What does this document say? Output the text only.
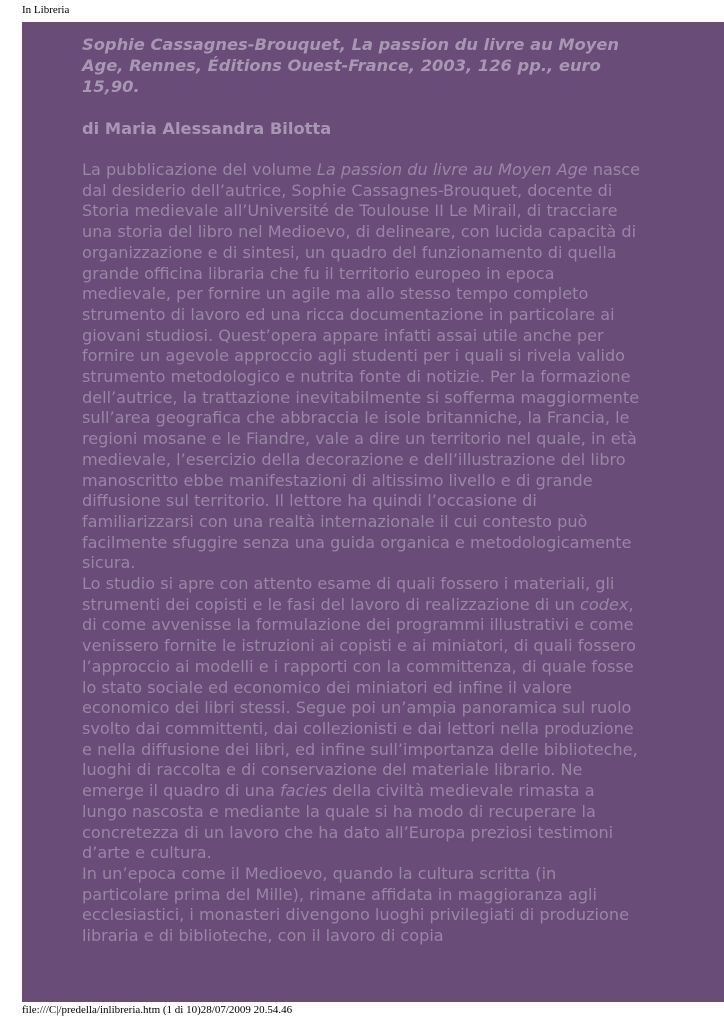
In Libreria
Sophie Cassagnes-Brouquet, La passion du livre au Moyen Age, Rennes, Éditions Ouest-France, 2003, 126 pp., euro 15,90.
di Maria Alessandra Bilotta

La pubblicazione del volume La passion du livre au Moyen Age nasce dal desiderio dell’autrice, Sophie Cassagnes-Brouquet, docente di Storia medievale all’Université de Toulouse II Le Mirail, di tracciare una storia del libro nel Medioevo, di delineare, con lucida capacità di organizzazione e di sintesi, un quadro del funzionamento di quella grande officina libraria che fu il territorio europeo in epoca medievale, per fornire un agile ma allo stesso tempo completo strumento di lavoro ed una ricca documentazione in particolare ai giovani studiosi. Quest’opera appare infatti assai utile anche per fornire un agevole approccio agli studenti per i quali si rivela valido strumento metodologico e nutrita fonte di notizie. Per la formazione dell’autrice, la trattazione inevitabilmente si sofferma maggiormente sull’area geografica che abbraccia le isole britanniche, la Francia, le regioni mosane e le Fiandre, vale a dire un territorio nel quale, in età medievale, l’esercizio della decorazione e dell’illustrazione del libro manoscritto ebbe manifestazioni di altissimo livello e di grande diffusione sul territorio. Il lettore ha quindi l’occasione di familiarizzarsi con una realtà internazionale il cui contesto può facilmente sfuggire senza una guida organica e metodologicamente sicura.

Lo studio si apre con attento esame di quali fossero i materiali, gli strumenti dei copisti e le fasi del lavoro di realizzazione di un codex, di come avvenisse la formulazione dei programmi illustrativi e come venissero fornite le istruzioni ai copisti e ai miniatori, di quali fossero l’approccio ai modelli e i rapporti con la committenza, di quale fosse lo stato sociale ed economico dei miniatori ed infine il valore economico dei libri stessi. Segue poi un’ampia panoramica sul ruolo svolto dai committenti, dai collezionisti e dai lettori nella produzione e nella diffusione dei libri, ed infine sull’importanza delle biblioteche, luoghi di raccolta e di conservazione del materiale librario. Ne emerge il quadro di una facies della civiltà medievale rimasta a lungo nascosta e mediante la quale si ha modo di recuperare la concretezza di un lavoro che ha dato all’Europa preziosi testimoni d’arte e cultura.

In un’epoca come il Medioevo, quando la cultura scritta (in particolare prima del Mille), rimane affidata in maggioranza agli ecclesiastici, i monasteri divengono luoghi privilegiati di produzione libraria e di biblioteche, con il lavoro di copia

file:///C|/predella/inlibreria.htm (1 di 10)28/07/2009 20.54.46
